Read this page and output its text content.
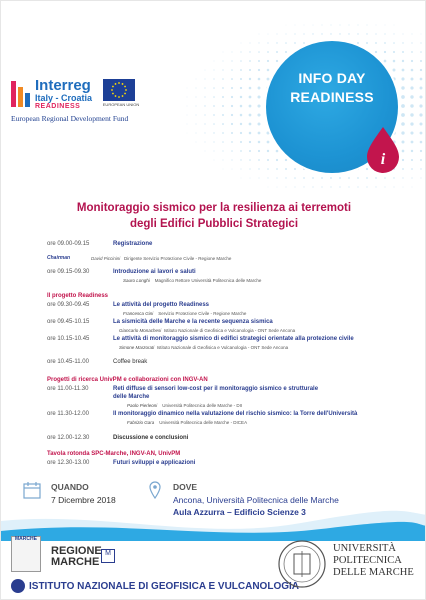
INFO DAY
READINESS
i
Interreg
Italy - Croatia
READINESS	EUROPEAN UNION
European Regional Development Fund
Monitoraggio sismico per la resilienza ai terremoti
degli Edifici Pubblici Strategici
ore 09.00-09.15	Registrazione
Chairman	David Piccinini Dirigente Servizio Protezione Civile - Regione Marche
ore 09.15-09.30	Introduzione ai lavori e saluti
Sauro Longhi Magnifico Rettore Università Politecnica delle Marche
Il progetto Readiness
ore 09.30-09.45	Le attività del progetto Readiness
Francesca Gini Servizio Protezione Civile - Regione Marche
ore 09.45-10.15	La sismicità delle Marche e la recente sequenza sismica
Giancarlo Monachesi Istituto Nazionale di Geofisica e Vulcanologia - ONT Sede Ancona
ore 10.15-10.45	Le attività di monitoraggio sismico di edifici strategici orientate alla protezione civile
Simone Marzorati Istituto Nazionale di Geofisica e Vulcanologia - ONT Sede Ancona
ore 10.45-11.00	Coffee break
Progetti di ricerca UnivPM e collaborazioni con INGV-AN
ore 11.00-11.30	Reti diffuse di sensori low-cost per il monitoraggio sismico e strutturale
delle Marche
Paolo Pierleoni Università Politecnica delle Marche - DII
ore 11.30-12.00	Il monitoraggio dinamico nella valutazione del rischio sismico: la Torre dell'Università
Fabrizio Gara Università Politecnica delle Marche - DICEA
ore 12.00-12.30	Discussione e conclusioni
Tavola rotonda SPC-Marche, INGV-AN, UnivPM
ore 12.30-13.00	Futuri sviluppi e applicazioni
QUANDO
7 Dicembre 2018
DOVE
Ancona, Università Politecnica delle Marche
Aula Azzurra – Edificio Scienze 3
MARCHE
REGIONE
MARCHE
M
ISTITUTO NAZIONALE DI GEOFISICA E VULCANOLOGIA
UNIVERSITÀ
POLITECNICA
DELLE MARCHE
